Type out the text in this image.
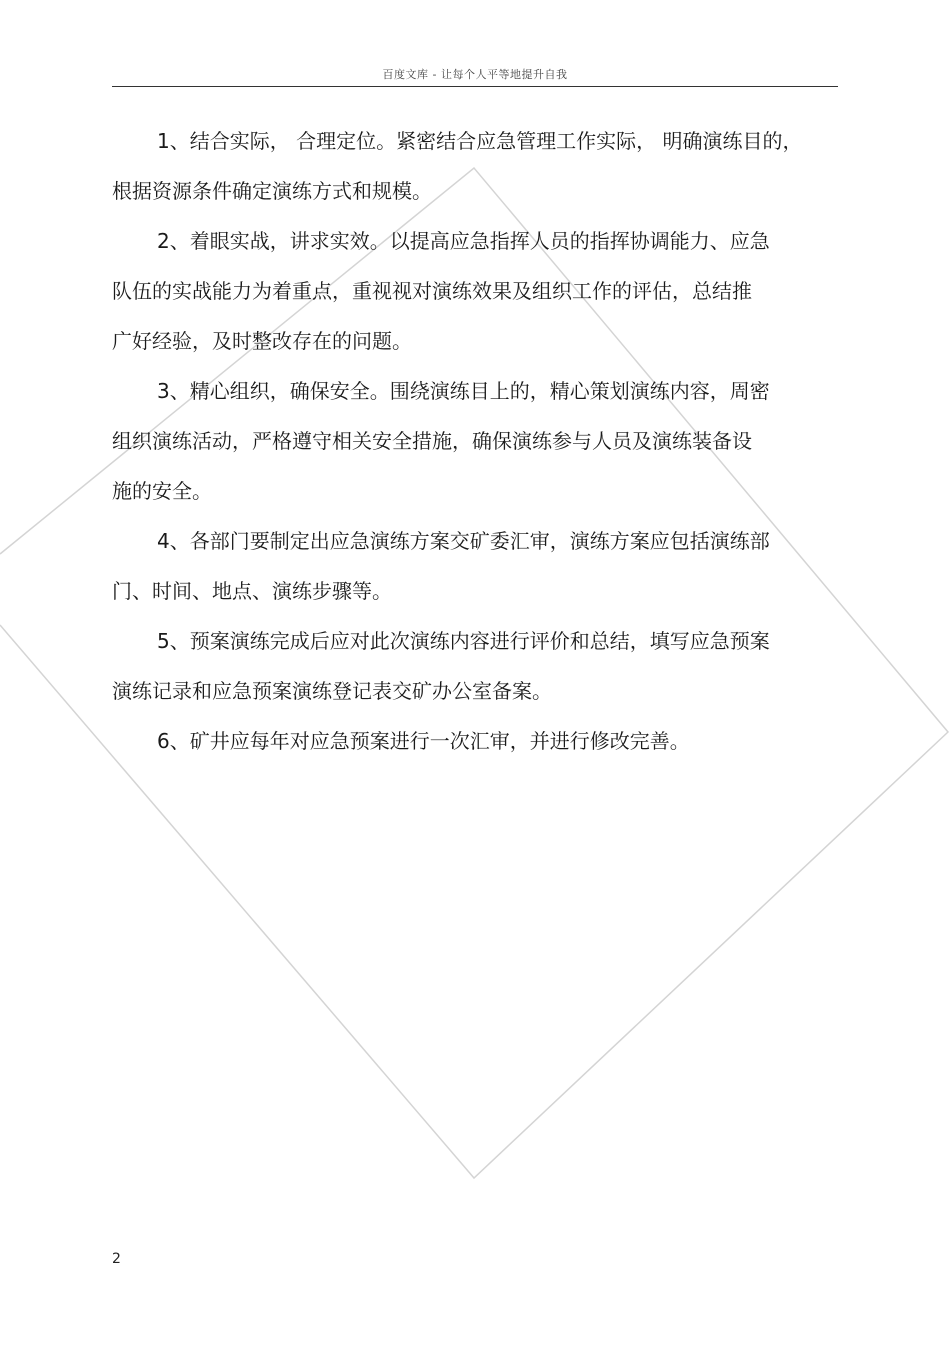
百度文库 - 让每个人平等地提升自我
1、结合实际， 合理定位。紧密结合应急管理工作实际， 明确演练目的，
根据资源条件确定演练方式和规模。
2、着眼实战，讲求实效。以提高应急指挥人员的指挥协调能力、应急
队伍的实战能力为着重点，重视视对演练效果及组织工作的评估，总结推
广好经验，及时整改存在的问题。
3、精心组织，确保安全。围绕演练目上的，精心策划演练内容，周密
组织演练活动，严格遵守相关安全措施，确保演练参与人员及演练装备设
施的安全。
4、各部门要制定出应急演练方案交矿委汇审，演练方案应包括演练部
门、时间、地点、演练步骤等。
5、预案演练完成后应对此次演练内容进行评价和总结，填写应急预案
演练记录和应急预案演练登记表交矿办公室备案。
6、矿井应每年对应急预案进行一次汇审，并进行修改完善。
2
